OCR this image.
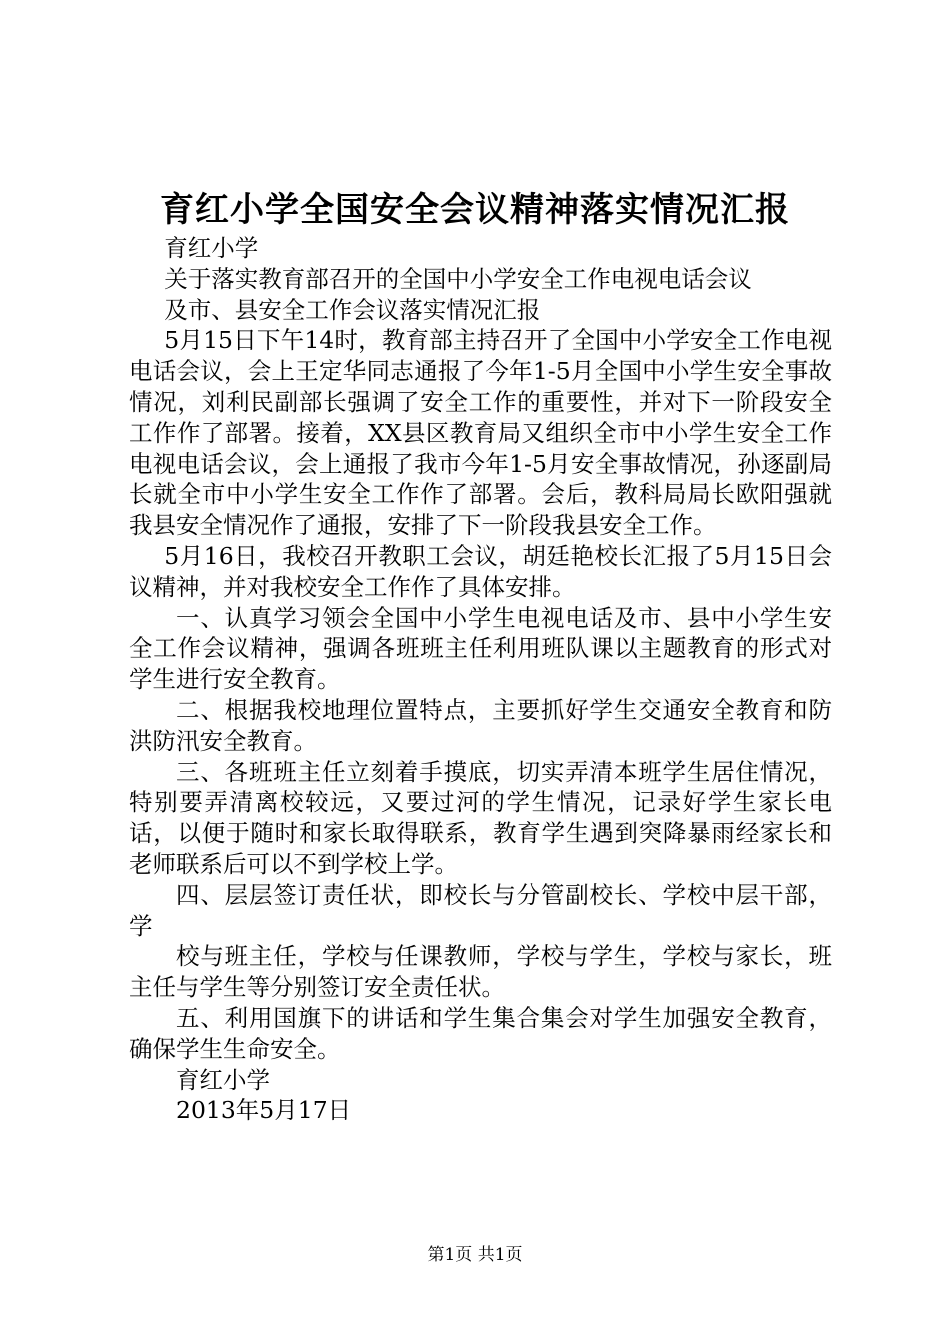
育红小学全国安全会议精神落实情况汇报

育红小学

关于落实教育部召开的全国中小学安全工作电视电话会议

及市、县安全工作会议落实情况汇报

5月15日下午14时，教育部主持召开了全国中小学安全工作电视电话会议，会上王定华同志通报了今年1-5月全国中小学生安全事故情况，刘利民副部长强调了安全工作的重要性，并对下一阶段安全工作作了部署。接着，XX县区教育局又组织全市中小学生安全工作电视电话会议，会上通报了我市今年1-5月安全事故情况，孙逐副局长就全市中小学生安全工作作了部署。会后，教科局局长欧阳强就我县安全情况作了通报，安排了下一阶段我县安全工作。

5月16日，我校召开教职工会议，胡廷艳校长汇报了5月15日会议精神，并对我校安全工作作了具体安排。

一、认真学习领会全国中小学生电视电话及市、县中小学生安全工作会议精神，强调各班班主任利用班队课以主题教育的形式对学生进行安全教育。

二、根据我校地理位置特点，主要抓好学生交通安全教育和防洪防汛安全教育。

三、各班班主任立刻着手摸底，切实弄清本班学生居住情况，特别要弄清离校较远，又要过河的学生情况，记录好学生家长电话，以便于随时和家长取得联系，教育学生遇到突降暴雨经家长和老师联系后可以不到学校上学。

四、层层签订责任状，即校长与分管副校长、学校中层干部，学

校与班主任，学校与任课教师，学校与学生，学校与家长，班主任与学生等分别签订安全责任状。

五、利用国旗下的讲话和学生集合集会对学生加强安全教育，确保学生生命安全。

育红小学

2013年5月17日

第1页 共1页
